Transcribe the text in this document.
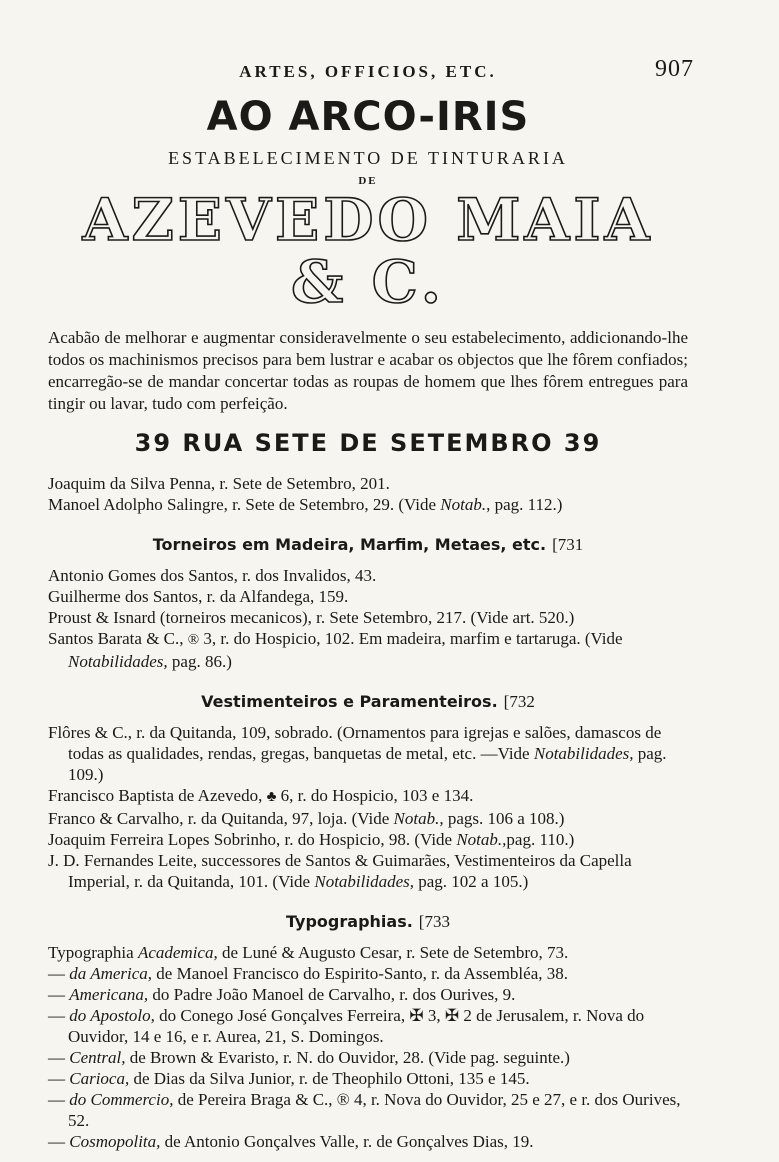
ARTES, OFFICIOS, ETC.	907
AO ARCO-IRIS
ESTABELECIMENTO DE TINTURARIA
DE
AZEVEDO MAIA & C.
Acabão de melhorar e augmentar consideravelmente o seu estabelecimento, addicionando-lhe todos os machinismos precisos para bem lustrar e acabar os objectos que lhe fôrem confiados; encarregão-se de mandar concertar todas as roupas de homem que lhes fôrem entregues para tingir ou lavar, tudo com perfeição.
39 RUA SETE DE SETEMBRO 39
Joaquim da Silva Penna, r. Sete de Setembro, 201.
Manoel Adolpho Salingre, r. Sete de Setembro, 29. (Vide Notab., pag. 112.)
Torneiros em Madeira, Marfim, Metaes, etc. [731
Antonio Gomes dos Santos, r. dos Invalidos, 43.
Guilherme dos Santos, r. da Alfandega, 159.
Proust & Isnard (torneiros mecanicos), r. Sete Setembro, 217. (Vide art. 520.)
Santos Barata & C., ® 3, r. do Hospicio, 102. Em madeira, marfim e tartaruga. (Vide Notabilidades, pag. 86.)
Vestimenteiros e Paramenteiros. [732
Flôres & C., r. da Quitanda, 109, sobrado. (Ornamentos para igrejas e salões, damascos de todas as qualidades, rendas, gregas, banquetas de metal, etc. —Vide Notabilidades, pag. 109.)
Francisco Baptista de Azevedo, ♣ 6, r. do Hospicio, 103 e 134.
Franco & Carvalho, r. da Quitanda, 97, loja. (Vide Notab., pags. 106 a 108.)
Joaquim Ferreira Lopes Sobrinho, r. do Hospicio, 98. (Vide Notab.,pag. 110.)
J. D. Fernandes Leite, successores de Santos & Guimarães, Vestimenteiros da Capella Imperial, r. da Quitanda, 101. (Vide Notabilidades, pag. 102 a 105.)
Typographias. [733
Typographia Academica, de Luné & Augusto Cesar, r. Sete de Setembro, 73.
— da America, de Manoel Francisco do Espirito-Santo, r. da Assembléa, 38.
— Americana, do Padre João Manoel de Carvalho, r. dos Ourives, 9.
— do Apostolo, do Conego José Gonçalves Ferreira, ✠ 3, ✠ 2 de Jerusalem, r. Nova do Ouvidor, 14 e 16, e r. Aurea, 21, S. Domingos.
— Central, de Brown & Evaristo, r. N. do Ouvidor, 28. (Vide pag. seguinte.)
— Carioca, de Dias da Silva Junior, r. de Theophilo Ottoni, 135 e 145.
— do Commercio, de Pereira Braga & C., ® 4, r. Nova do Ouvidor, 25 e 27, e r. dos Ourives, 52.
— Cosmopolita, de Antonio Gonçalves Valle, r. de Gonçalves Dias, 19.
